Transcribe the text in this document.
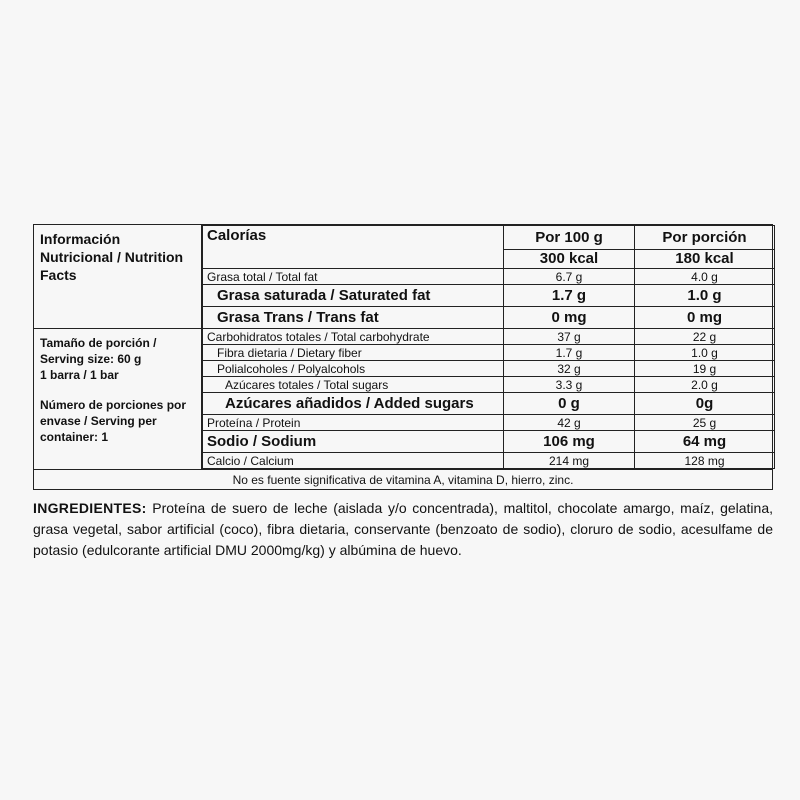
Información Nutricional / Nutrition Facts
Tamaño de porción / Serving size: 60 g
1 barra / 1 bar
Número de porciones por envase / Serving per container: 1
Calorías	Por 100 g	Por porción
	300 kcal	180 kcal
Grasa total / Total fat	6.7 g	4.0 g
Grasa saturada / Saturated fat	1.7 g	1.0 g
Grasa Trans / Trans fat	0 mg	0 mg
Carbohidratos totales / Total carbohydrate	37 g	22 g
Fibra dietaria / Dietary fiber	1.7 g	1.0 g
Polialcoholes / Polyalcohols	32 g	19 g
Azúcares totales / Total sugars	3.3 g	2.0 g
Azúcares añadidos / Added sugars	0 g	0g
Proteína / Protein	42 g	25 g
Sodio / Sodium	106 mg	64 mg
Calcio / Calcium	214 mg	128 mg
No es fuente significativa de vitamina A, vitamina D, hierro, zinc.
INGREDIENTES: Proteína de suero de leche (aislada y/o concentrada), maltitol, chocolate amargo, maíz, gelatina, grasa vegetal, sabor artificial (coco), fibra dietaria, conservante (benzoato de sodio), cloruro de sodio, acesulfame de potasio (edulcorante artificial DMU 2000mg/kg) y albúmina de huevo.
